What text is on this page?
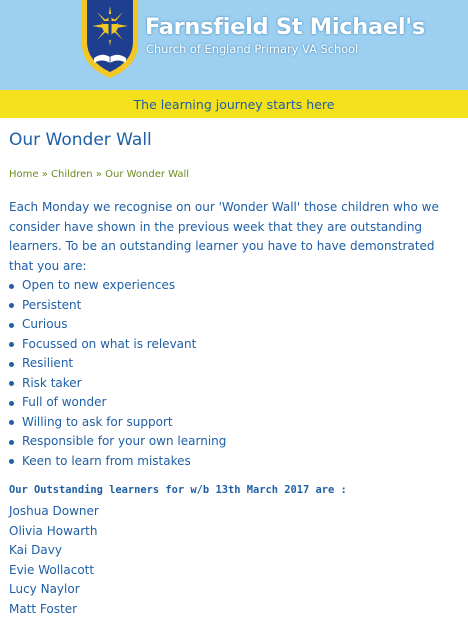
Farnsfield St Michael's
Church of England Primary VA School
The learning journey starts here
Our Wonder Wall
Home » Children » Our Wonder Wall
Each Monday we recognise on our 'Wonder Wall' those children who we consider have shown in the previous week that they are outstanding learners. To be an outstanding learner you have to have demonstrated that you are:
Open to new experiences
Persistent
Curious
Focussed on what is relevant
Resilient
Risk taker
Full of wonder
Willing to ask for support
Responsible for your own learning
Keen to learn from mistakes
Our Outstanding learners for w/b 13th March 2017 are :
Joshua Downer
Olivia Howarth
Kai Davy
Evie Wollacott
Lucy Naylor
Matt Foster
